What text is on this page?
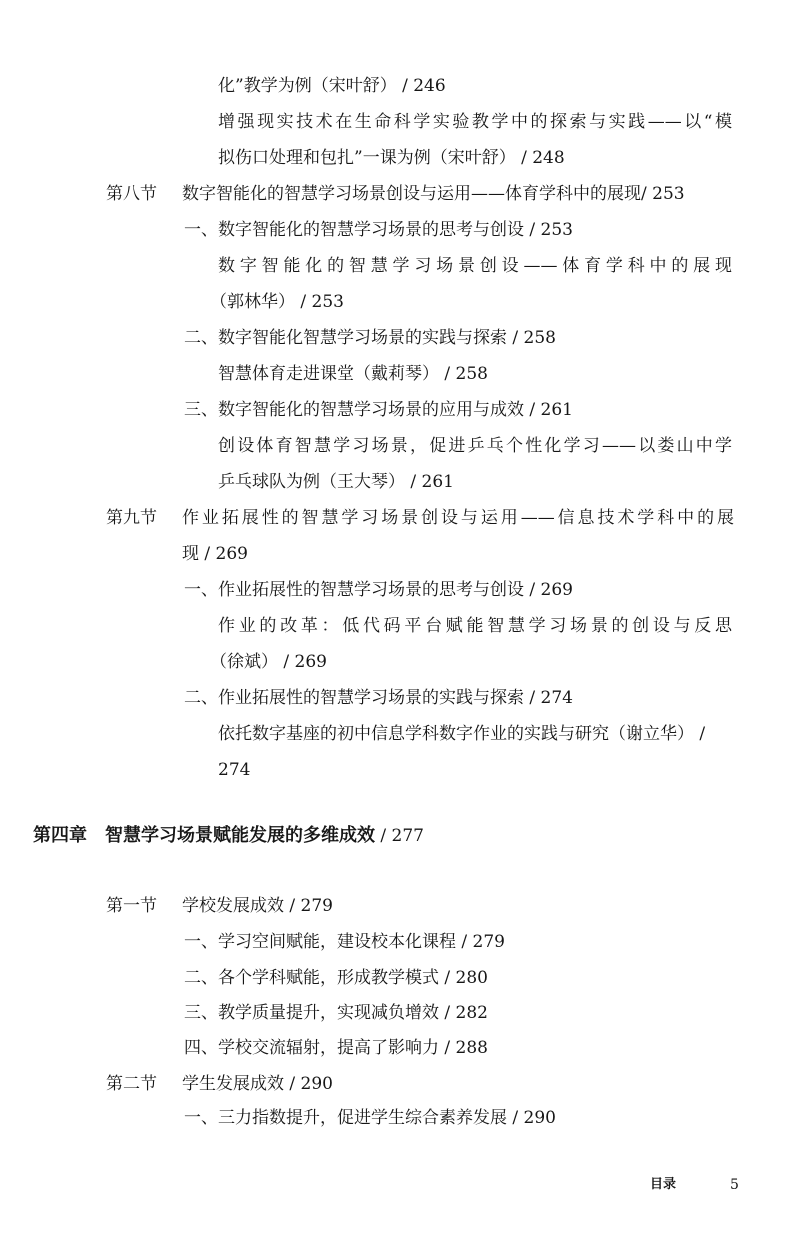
化”教学为例（宋叶舒） / 246
增强现实技术在生命科学实验教学中的探索与实践——以“模
拟伤口处理和包扎”一课为例（宋叶舒） / 248
第八节 数字智能化的智慧学习场景创设与运用——体育学科中的展现/ 253
一、数字智能化的智慧学习场景的思考与创设 / 253
数字智能化的智慧学习场景创设——体育学科中的展现
（郭林华） / 253
二、数字智能化智慧学习场景的实践与探索 / 258
智慧体育走进课堂（戴莉琴） / 258
三、数字智能化的智慧学习场景的应用与成效 / 261
创设体育智慧学习场景，促进乒乓个性化学习——以娄山中学
乒乓球队为例（王大琴） / 261
第九节 作业拓展性的智慧学习场景创设与运用——信息技术学科中的展
现 / 269
一、作业拓展性的智慧学习场景的思考与创设 / 269
作业的改革：低代码平台赋能智慧学习场景的创设与反思
（徐斌） / 269
二、作业拓展性的智慧学习场景的实践与探索 / 274
依托数字基座的初中信息学科数字作业的实践与研究（谢立华） /
274
第四章　智慧学习场景赋能发展的多维成效 / 277
第一节 学校发展成效 / 279
一、学习空间赋能，建设校本化课程 / 279
二、各个学科赋能，形成教学模式 / 280
三、教学质量提升，实现减负增效 / 282
四、学校交流辐射，提高了影响力 / 288
第二节 学生发展成效 / 290
一、三力指数提升，促进学生综合素养发展 / 290
目录	5
